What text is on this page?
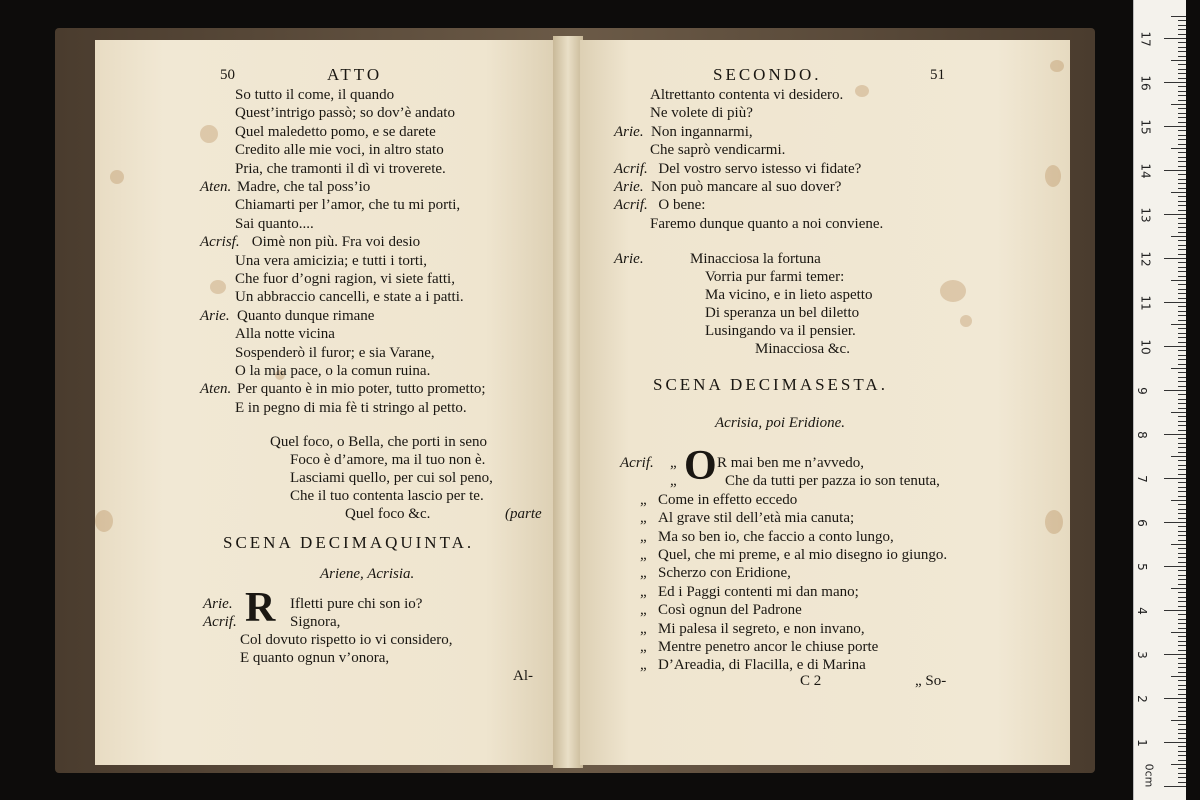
50	ATTO
So tutto il come, il quando
Quest’intrigo passò; so dov’è andato
Quel maledetto pomo, e se darete
Credito alle mie voci, in altro stato
Pria, che tramonti il dì vi troverete.
Aten. Madre, che tal poss’io
Chiamarti per l’amor, che tu mi porti,
Sai quanto....
Acrisf. Oimè non più. Fra voi desio
Una vera amicizia; e tutti i torti,
Che fuor d’ogni ragion, vi siete fatti,
Un abbraccio cancelli, e state a i patti.
Arie. Quanto dunque rimane
Alla notte vicina
Sospenderò il furor; e sia Varane,
O la mia pace, o la comun ruina.
Aten. Per quanto è in mio poter, tutto prometto;
E in pegno di mia fè ti stringo al petto.
Quel foco, o Bella, che porti in seno
Foco è d’amore, ma il tuo non è.
Lasciami quello, per cui sol peno,
Che il tuo contenta lascio per te.
Quel foco &c.	(parte
SCENA DECIMAQUINTA.
Ariene, Acrisia.
R
Arie.	Ifletti pure chi son io?
Acrif.	Signora,
Col dovuto rispetto io vi considero,
E quanto ognun v’onora,
Al-
SECONDO.	51
Altrettanto contenta vi desidero.
Ne volete di più?
Arie. Non ingannarmi,
Che saprò vendicarmi.
Acrif. Del vostro servo istesso vi fidate?
Arie. Non può mancare al suo dover?
Acrif. O bene:
Faremo dunque quanto a noi conviene.
Arie.	Minacciosa la fortuna
Vorria pur farmi temer:
Ma vicino, e in lieto aspetto
Di speranza un bel diletto
Lusingando va il pensier.
Minacciosa &c.
SCENA DECIMASESTA.
Acrisia, poi Eridione.
Acrif. O
„	R mai ben me n’avvedo,
„	Che da tutti per pazza io son tenuta,
„ Come in effetto eccedo
„ Al grave stil dell’età mia canuta;
„ Ma so ben io, che faccio a conto lungo,
„ Quel, che mi preme, e al mio disegno io giungo.
„ Scherzo con Eridione,
„ Ed i Paggi contenti mi dan mano;
„ Così ognun del Padrone
„ Mi palesa il segreto, e non invano,
„ Mentre penetro ancor le chiuse porte
„ D’Areadia, di Flacilla, e di Marina
C 2	„ So-
17
16
15
14
13
12
11
10
9
8
7
6
5
4
3
2
1
0cm
